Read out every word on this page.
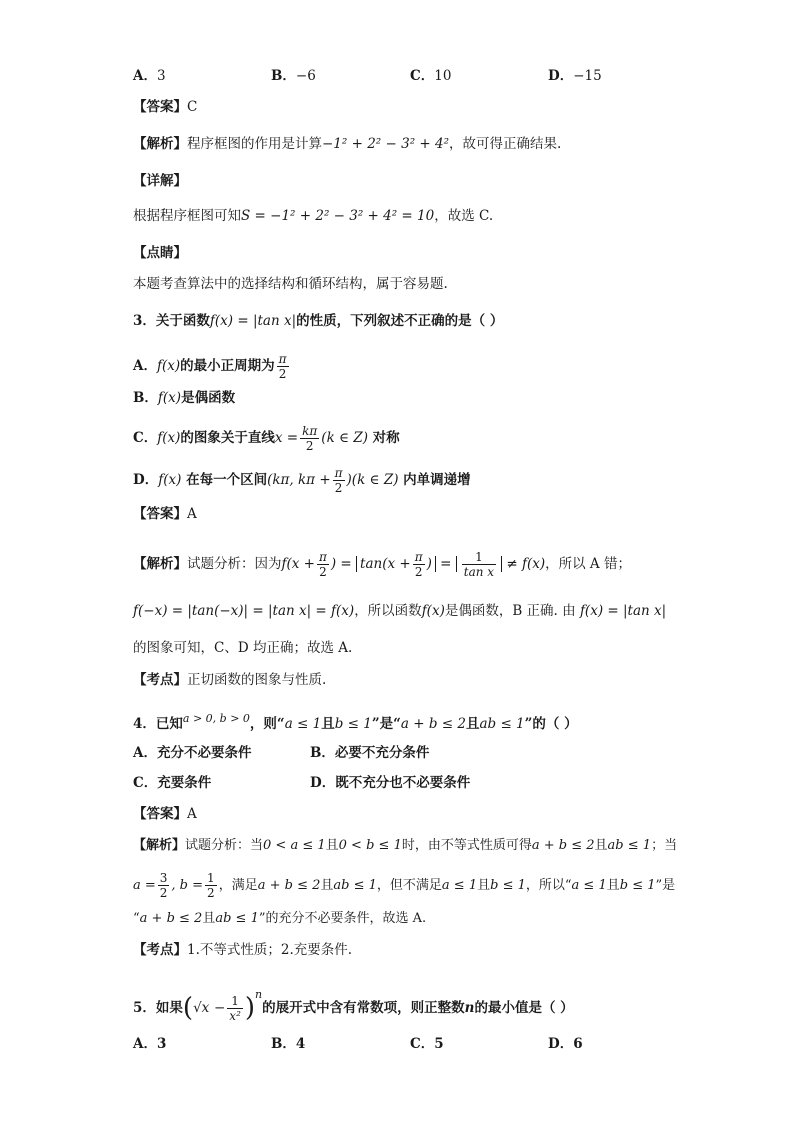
A．3	B．−6	C．10	D．−15
【答案】C
【解析】程序框图的作用是计算−1² + 2² − 3² + 4²，故可得正确结果.
【详解】
根据程序框图可知S = −1² + 2² − 3² + 4² = 10，故选 C.
【点睛】
本题考查算法中的选择结构和循环结构，属于容易题.
3．关于函数f(x) = |tan x|的性质，下列叙述不正确的是（ ）
A．f(x)的最小正周期为 $\frac{\pi}{2}$
B．f(x)是偶函数
C．f(x)的图象关于直线$x = \frac{k\pi}{2} (k$ ∈ Z) 对称
D．f(x) 在每一个区间(kπ, $k\pi + \frac{\pi}{2} )(k$ ∈ Z) 内单调递增
【答案】A
【解析】试题分析：因为$f(x + \frac{\pi}{2}$ ) = $\tan(x + \frac{\pi}{2}$ ) = $\frac{1}{\text{tan x}} \ne f(x)$，所以 A 错；
f(−x) = |tan(−x)| = |tan x| = f(x)，所以函数f(x)是偶函数，B 正确. 由 f(x) = |tan x|
的图象可知，C、D 均正确；故选 A.
【考点】正切函数的图象与性质.
4．已知$^{a > 0, b > 0}$，则“a ≤ 1且b ≤ 1”是“a + b ≤ 2且ab ≤ 1”的（ ）
A．充分不必要条件	B．必要不充分条件
C．充要条件	D．既不充分也不必要条件
【答案】A
【解析】试题分析：当0 < a ≤ 1且0 < b ≤ 1时，由不等式性质可得a + b ≤ 2且ab ≤ 1；当
$a = \frac{3}{2}$ , $b = \frac{1}{2}$ ，满足a + b ≤ 2且ab ≤ 1，但不满足a ≤ 1且b ≤ 1，所以“a ≤ 1且b ≤ 1”是
“a + b ≤ 2且ab ≤ 1”的充分不必要条件，故选 A.
【考点】1.不等式性质；2.充要条件.
5．如果$(√x - \frac{1}{\text{x²}} )^n$的展开式中含有常数项，则正整数n的最小值是（ ）
A．3	B．4	C．5	D．6
